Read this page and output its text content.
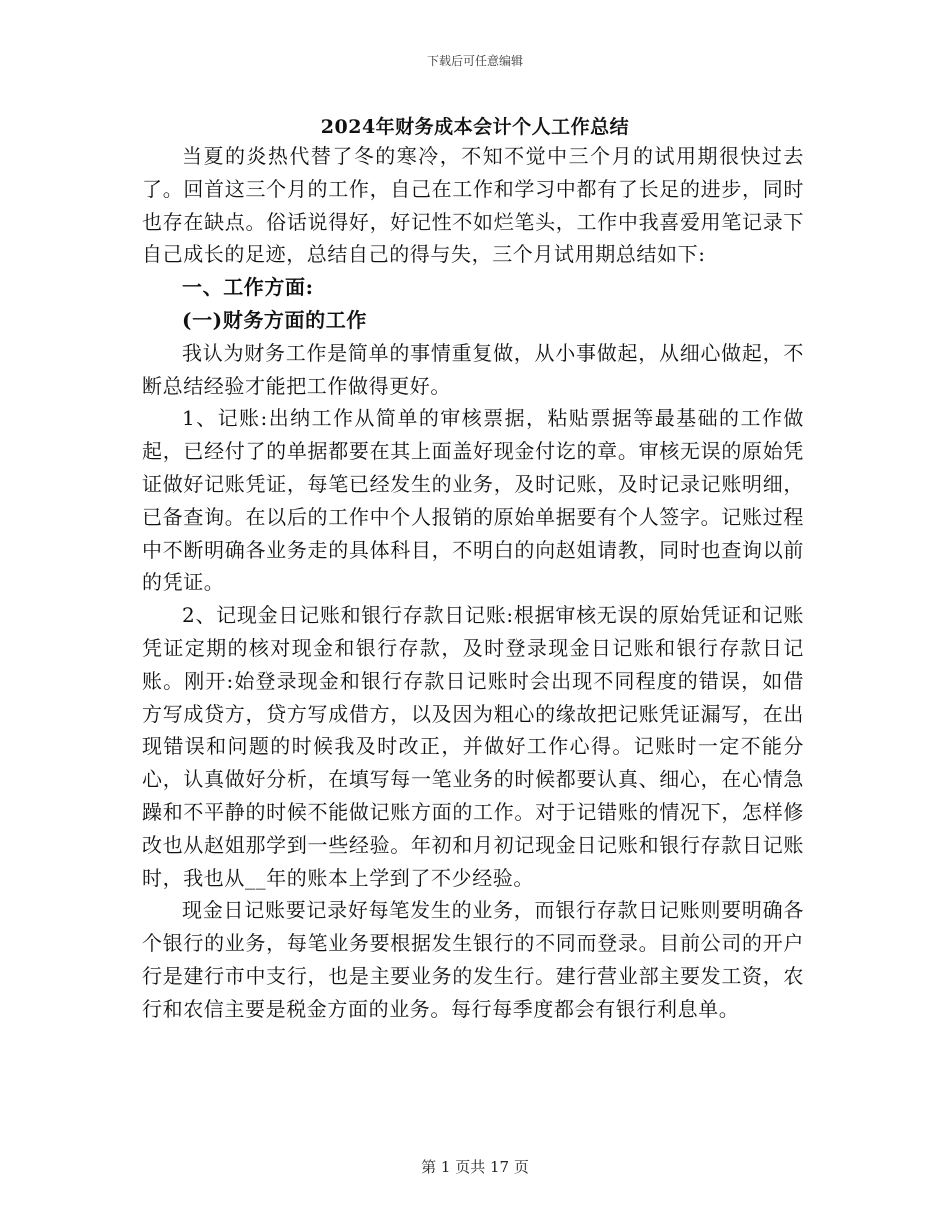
下载后可任意编辑
2024年财务成本会计个人工作总结

当夏的炎热代替了冬的寒冷，不知不觉中三个月的试用期很快过去了。回首这三个月的工作，自己在工作和学习中都有了长足的进步，同时也存在缺点。俗话说得好，好记性不如烂笔头，工作中我喜爱用笔记录下自己成长的足迹，总结自己的得与失，三个月试用期总结如下:

一、工作方面:

(一)财务方面的工作

我认为财务工作是简单的事情重复做，从小事做起，从细心做起，不断总结经验才能把工作做得更好。

1、记账:出纳工作从简单的审核票据，粘贴票据等最基础的工作做起，已经付了的单据都要在其上面盖好现金付讫的章。审核无误的原始凭证做好记账凭证，每笔已经发生的业务，及时记账，及时记录记账明细，已备查询。在以后的工作中个人报销的原始单据要有个人签字。记账过程中不断明确各业务走的具体科目，不明白的向赵姐请教，同时也查询以前的凭证。

2、记现金日记账和银行存款日记账:根据审核无误的原始凭证和记账凭证定期的核对现金和银行存款，及时登录现金日记账和银行存款日记账。刚开:始登录现金和银行存款日记账时会出现不同程度的错误，如借方写成贷方，贷方写成借方，以及因为粗心的缘故把记账凭证漏写，在出现错误和问题的时候我及时改正，并做好工作心得。记账时一定不能分心，认真做好分析，在填写每一笔业务的时候都要认真、细心，在心情急躁和不平静的时候不能做记账方面的工作。对于记错账的情况下，怎样修改也从赵姐那学到一些经验。年初和月初记现金日记账和银行存款日记账时，我也从__年的账本上学到了不少经验。

现金日记账要记录好每笔发生的业务，而银行存款日记账则要明确各个银行的业务，每笔业务要根据发生银行的不同而登录。目前公司的开户行是建行市中支行，也是主要业务的发生行。建行营业部主要发工资，农行和农信主要是税金方面的业务。每行每季度都会有银行利息单。

第 1 页共 17 页
